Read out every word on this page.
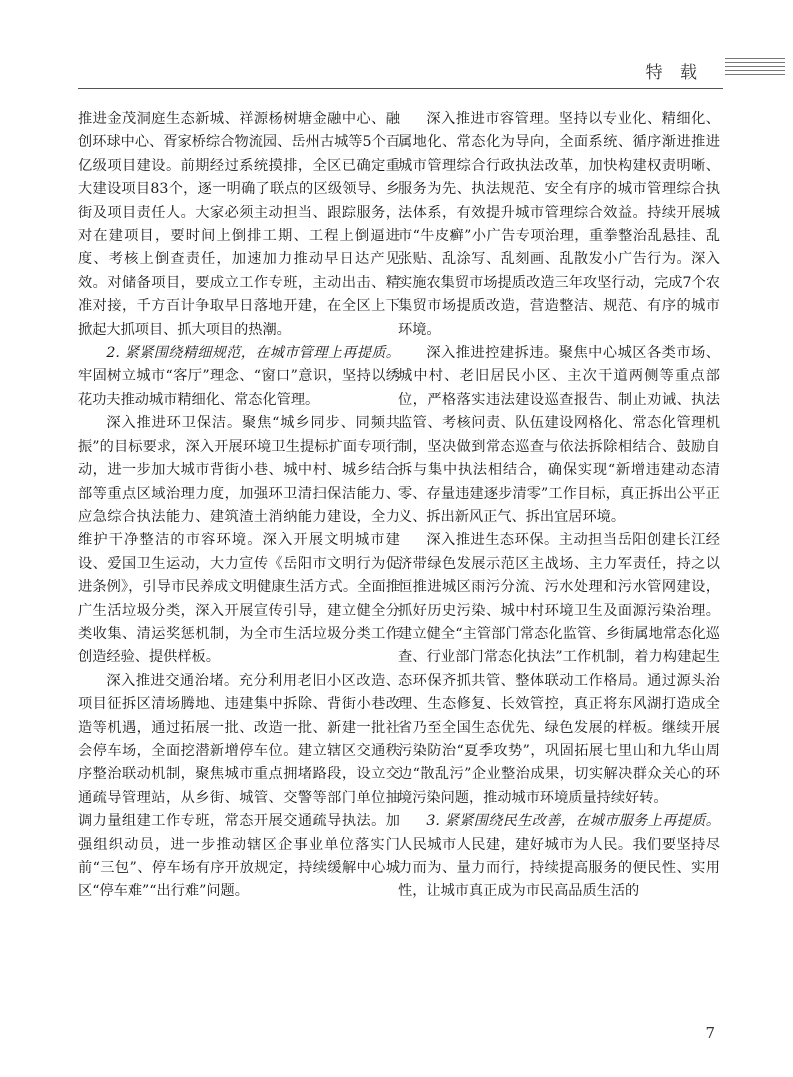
特 载

推进金茂洞庭生态新城、祥源杨树塘金融中心、融创环球中心、胥家桥综合物流园、岳州古城等5个百亿级项目建设。前期经过系统摸排，全区已确定重大建设项目83个，逐一明确了联点的区级领导、乡街及项目责任人。大家必须主动担当、跟踪服务，对在建项目，要时间上倒排工期、工程上倒逼进度、考核上倒查责任，加速加力推动早日达产见效。对储备项目，要成立工作专班，主动出击、精准对接，千方百计争取早日落地开建，在全区上下掀起大抓项目、抓大项目的热潮。

2. 紧紧围绕精细规范，在城市管理上再提质。牢固树立城市“客厅”理念、“窗口”意识，坚持以绣花功夫推动城市精细化、常态化管理。

深入推进环卫保洁。聚焦“城乡同步、同频共振”的目标要求，深入开展环境卫生提标扩面专项行动，进一步加大城市背街小巷、城中村、城乡结合部等重点区域治理力度，加强环卫清扫保洁能力、应急综合执法能力、建筑渣土消纳能力建设，全力维护干净整洁的市容环境。深入开展文明城市建设、爱国卫生运动，大力宣传《岳阳市文明行为促进条例》，引导市民养成文明健康生活方式。全面推广生活垃圾分类，深入开展宣传引导，建立健全分类收集、清运奖惩机制，为全市生活垃圾分类工作创造经验、提供样板。

深入推进交通治堵。充分利用老旧小区改造、项目征拆区清场腾地、违建集中拆除、背街小巷改造等机遇，通过拓展一批、改造一批、新建一批社会停车场，全面挖潜新增停车位。建立辖区交通秩序整治联动机制，聚焦城市重点拥堵路段，设立交通疏导管理站，从乡街、城管、交警等部门单位抽调力量组建工作专班，常态开展交通疏导执法。加强组织动员，进一步推动辖区企事业单位落实门前“三包”、停车场有序开放规定，持续缓解中心城区“停车难”“出行难”问题。

深入推进市容管理。坚持以专业化、精细化、属地化、常态化为导向，全面系统、循序渐进推进城市管理综合行政执法改革，加快构建权责明晰、服务为先、执法规范、安全有序的城市管理综合执法体系，有效提升城市管理综合效益。持续开展城市“牛皮癣”小广告专项治理，重拳整治乱悬挂、乱张贴、乱涂写、乱刻画、乱散发小广告行为。深入实施农集贸市场提质改造三年攻坚行动，完成7个农集贸市场提质改造，营造整洁、规范、有序的城市环境。

深入推进控建拆违。聚焦中心城区各类市场、城中村、老旧居民小区、主次干道两侧等重点部位，严格落实违法建设巡查报告、制止劝诫、执法监管、考核问责、队伍建设网格化、常态化管理机制，坚决做到常态巡查与依法拆除相结合、鼓励自拆与集中执法相结合，确保实现“新增违建动态清零、存量违建逐步清零”工作目标，真正拆出公平正义、拆出新风正气、拆出宜居环境。

深入推进生态环保。主动担当岳阳创建长江经济带绿色发展示范区主战场、主力军责任，持之以恒推进城区雨污分流、污水处理和污水管网建设，抓好历史污染、城中村环境卫生及面源污染治理。建立健全“主管部门常态化监管、乡街属地常态化巡查、行业部门常态化执法”工作机制，着力构建起生态环保齐抓共管、整体联动工作格局。通过源头治理、生态修复、长效管控，真正将东风湖打造成全省乃至全国生态优先、绿色发展的样板。继续开展污染防治“夏季攻势”，巩固拓展七里山和九华山周边“散乱污”企业整治成果，切实解决群众关心的环境污染问题，推动城市环境质量持续好转。

3. 紧紧围绕民生改善，在城市服务上再提质。人民城市人民建，建好城市为人民。我们要坚持尽力而为、量力而行，持续提高服务的便民性、实用性，让城市真正成为市民高品质生活的

7
